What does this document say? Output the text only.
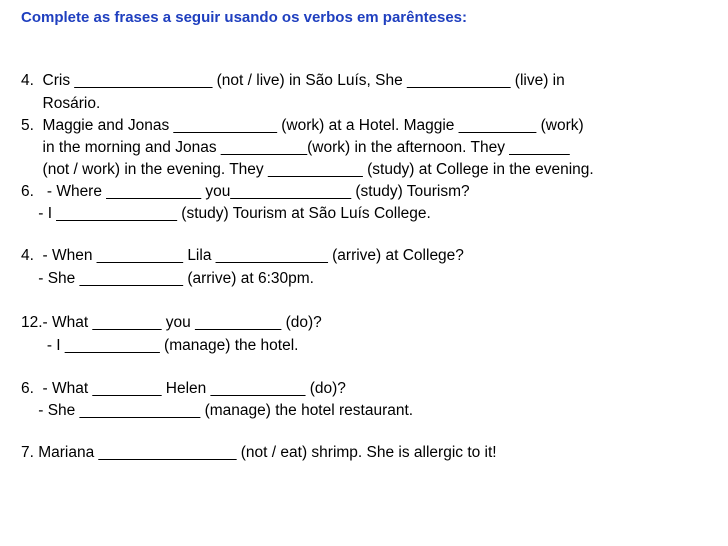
Complete as frases a seguir usando os verbos em parênteses:
4.  Cris ________________ (not / live) in São Luís, She ____________ (live) in
Rosário.
5.  Maggie and Jonas ____________ (work) at a Hotel. Maggie _________ (work)
in the morning and Jonas __________(work) in the afternoon. They _______
(not / work) in the evening. They ___________ (study) at College in the evening.
6.   - Where ___________ you______________ (study) Tourism?
- I ______________ (study) Tourism at São Luís College.
4.  - When __________ Lila _____________ (arrive) at College?
- She ____________ (arrive) at 6:30pm.
12.- What ________ you __________ (do)?
- I ___________ (manage) the hotel.
6.  - What ________ Helen ___________ (do)?
- She ______________ (manage) the hotel restaurant.
7. Mariana ________________ (not / eat) shrimp. She is allergic to it!
